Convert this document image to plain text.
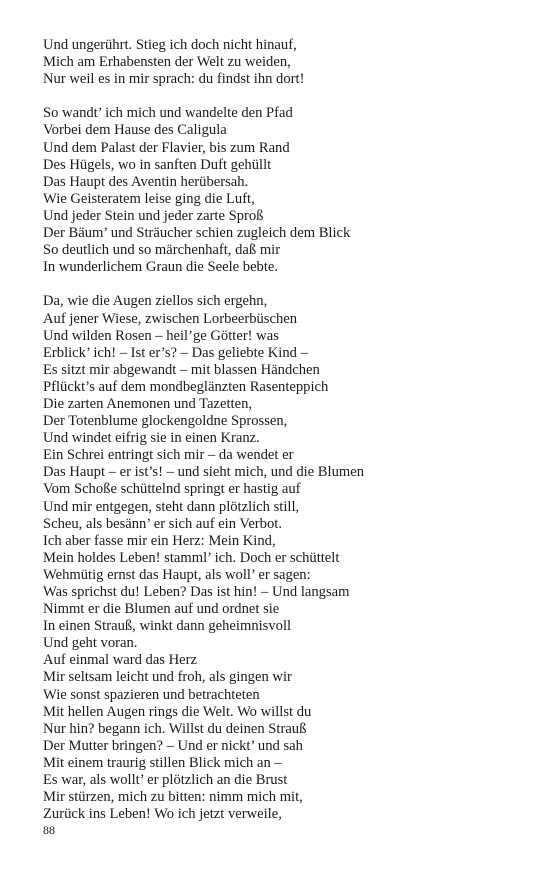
Und ungerührt. Stieg ich doch nicht hinauf,
Mich am Erhabensten der Welt zu weiden,
Nur weil es in mir sprach: du findst ihn dort!
So wandt’ ich mich und wandelte den Pfad
Vorbei dem Hause des Caligula
Und dem Palast der Flavier, bis zum Rand
Des Hügels, wo in sanften Duft gehüllt
Das Haupt des Aventin herübersah.
Wie Geisteratem leise ging die Luft,
Und jeder Stein und jeder zarte Sproß
Der Bäum’ und Sträucher schien zugleich dem Blick
So deutlich und so märchenhaft, daß mir
In wunderlichem Graun die Seele bebte.
Da, wie die Augen ziellos sich ergehn,
Auf jener Wiese, zwischen Lorbeerbüschen
Und wilden Rosen – heil’ge Götter! was
Erblick’ ich! – Ist er’s? – Das geliebte Kind –
Es sitzt mir abgewandt – mit blassen Händchen
Pflückt’s auf dem mondbeglänzten Rasenteppich
Die zarten Anemonen und Tazetten,
Der Totenblume glockengoldne Sprossen,
Und windet eifrig sie in einen Kranz.
Ein Schrei entringt sich mir – da wendet er
Das Haupt – er ist’s! – und sieht mich, und die Blumen
Vom Schoße schüttelnd springt er hastig auf
Und mir entgegen, steht dann plötzlich still,
Scheu, als besänn’ er sich auf ein Verbot.
Ich aber fasse mir ein Herz: Mein Kind,
Mein holdes Leben! stamml’ ich. Doch er schüttelt
Wehmütig ernst das Haupt, als woll’ er sagen:
Was sprichst du! Leben? Das ist hin! – Und langsam
Nimmt er die Blumen auf und ordnet sie
In einen Strauß, winkt dann geheimnisvoll
Und geht voran.
Auf einmal ward das Herz
Mir seltsam leicht und froh, als gingen wir
Wie sonst spazieren und betrachteten
Mit hellen Augen rings die Welt. Wo willst du
Nur hin? begann ich. Willst du deinen Strauß
Der Mutter bringen? – Und er nickt’ und sah
Mit einem traurig stillen Blick mich an –
Es war, als wollt’ er plötzlich an die Brust
Mir stürzen, mich zu bitten: nimm mich mit,
Zurück ins Leben! Wo ich jetzt verweile,
88
